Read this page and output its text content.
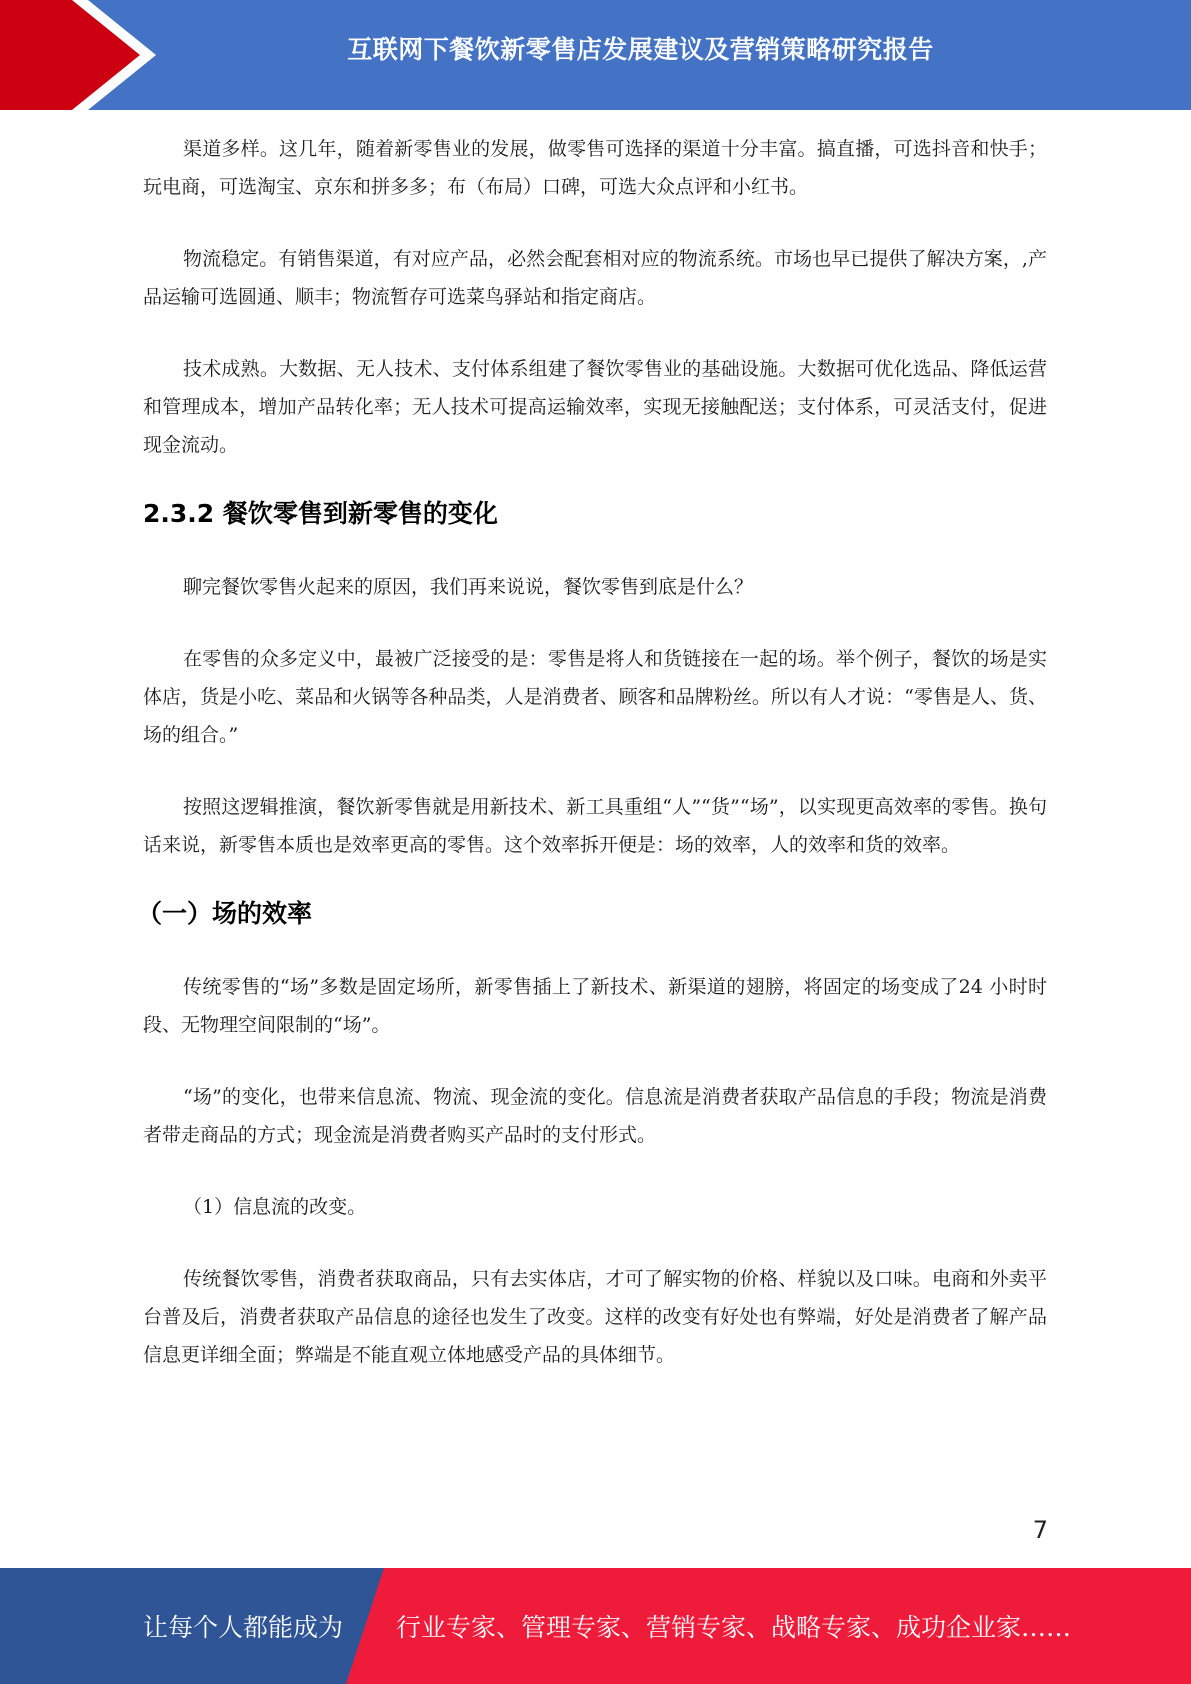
互联网下餐饮新零售店发展建议及营销策略研究报告

渠道多样。这几年，随着新零售业的发展，做零售可选择的渠道十分丰富。搞直播，可选抖音和快手；玩电商，可选淘宝、京东和拼多多；布（布局）口碑，可选大众点评和小红书。

物流稳定。有销售渠道，有对应产品，必然会配套相对应的物流系统。市场也早已提供了解决方案，,产品运输可选圆通、顺丰；物流暂存可选菜鸟驿站和指定商店。

技术成熟。大数据、无人技术、支付体系组建了餐饮零售业的基础设施。大数据可优化选品、降低运营和管理成本，增加产品转化率；无人技术可提高运输效率，实现无接触配送；支付体系，可灵活支付，促进现金流动。

2.3.2 餐饮零售到新零售的变化

聊完餐饮零售火起来的原因，我们再来说说，餐饮零售到底是什么？

在零售的众多定义中，最被广泛接受的是：零售是将人和货链接在一起的场。举个例子，餐饮的场是实体店，货是小吃、菜品和火锅等各种品类，人是消费者、顾客和品牌粉丝。所以有人才说：“零售是人、货、场的组合。”

按照这逻辑推演，餐饮新零售就是用新技术、新工具重组“人”“货”“场”，以实现更高效率的零售。换句话来说，新零售本质也是效率更高的零售。这个效率拆开便是：场的效率，人的效率和货的效率。

（一）场的效率

传统零售的“场”多数是固定场所，新零售插上了新技术、新渠道的翅膀，将固定的场变成了24 小时时段、无物理空间限制的“场”。

“场”的变化，也带来信息流、物流、现金流的变化。信息流是消费者获取产品信息的手段；物流是消费者带走商品的方式；现金流是消费者购买产品时的支付形式。

（1）信息流的改变。

传统餐饮零售，消费者获取商品，只有去实体店，才可了解实物的价格、样貌以及口味。电商和外卖平台普及后，消费者获取产品信息的途径也发生了改变。这样的改变有好处也有弊端，好处是消费者了解产品信息更详细全面；弊端是不能直观立体地感受产品的具体细节。

7
让每个人都能成为 行业专家、管理专家、营销专家、战略专家、成功企业家……
